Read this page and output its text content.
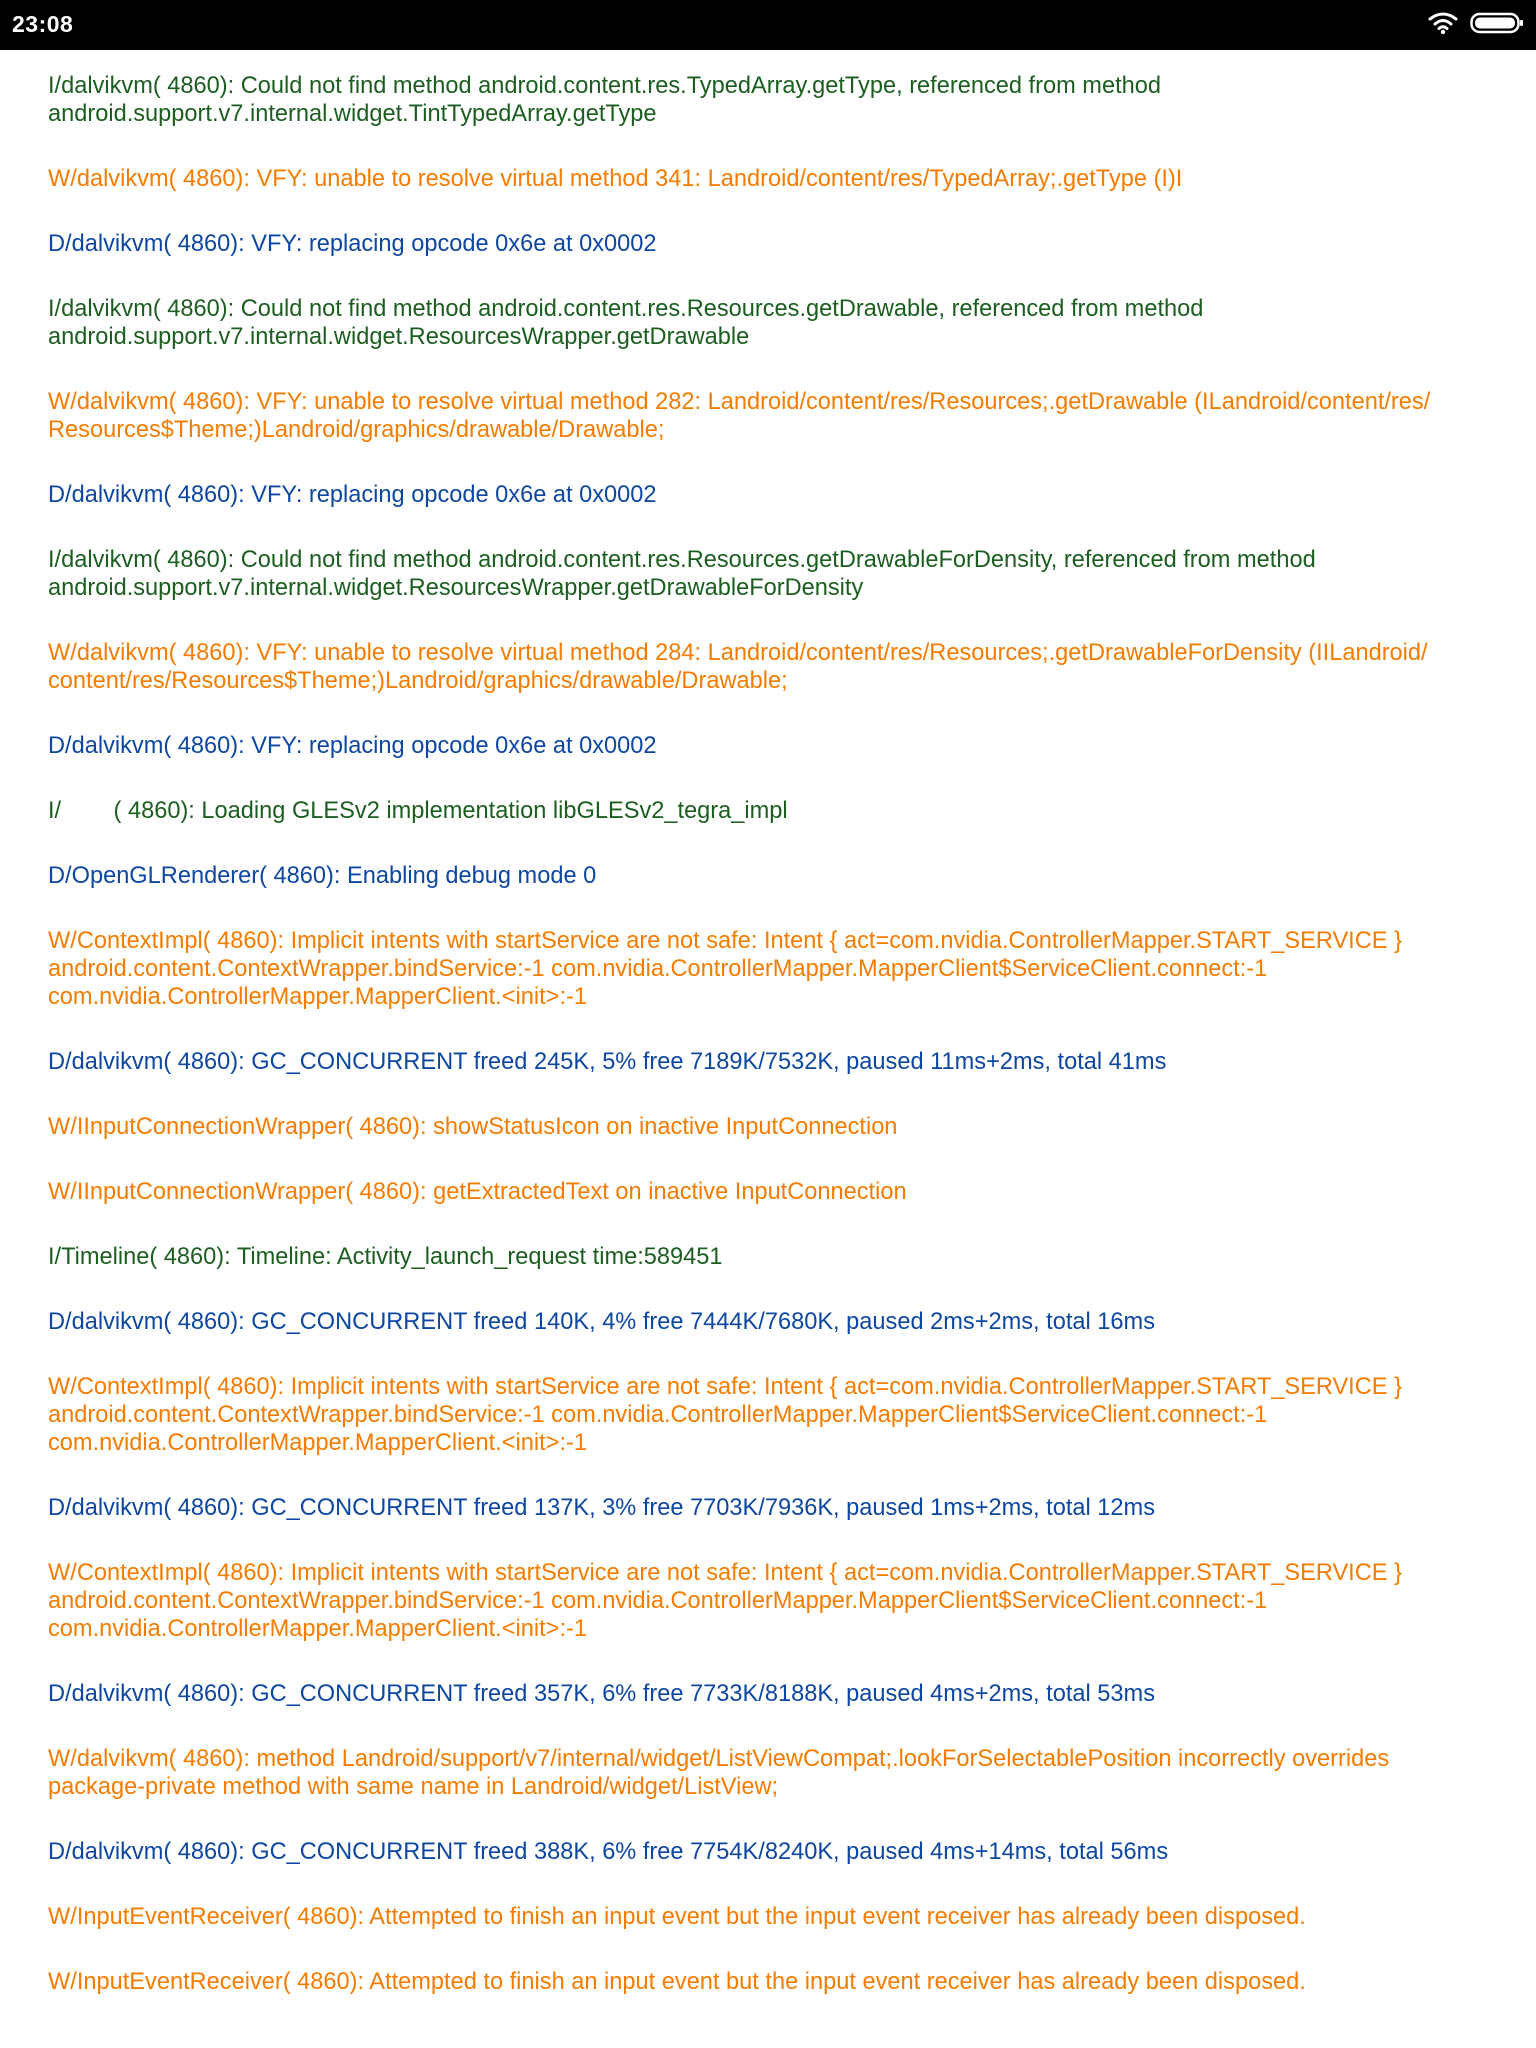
23:08
I/dalvikvm( 4860): Could not find method android.content.res.TypedArray.getType, referenced from method
android.support.v7.internal.widget.TintTypedArray.getType
W/dalvikvm( 4860): VFY: unable to resolve virtual method 341: Landroid/content/res/TypedArray;.getType (I)I
D/dalvikvm( 4860): VFY: replacing opcode 0x6e at 0x0002
I/dalvikvm( 4860): Could not find method android.content.res.Resources.getDrawable, referenced from method
android.support.v7.internal.widget.ResourcesWrapper.getDrawable
W/dalvikvm( 4860): VFY: unable to resolve virtual method 282: Landroid/content/res/Resources;.getDrawable (ILandroid/content/res/
Resources$Theme;)Landroid/graphics/drawable/Drawable;
D/dalvikvm( 4860): VFY: replacing opcode 0x6e at 0x0002
I/dalvikvm( 4860): Could not find method android.content.res.Resources.getDrawableForDensity, referenced from method
android.support.v7.internal.widget.ResourcesWrapper.getDrawableForDensity
W/dalvikvm( 4860): VFY: unable to resolve virtual method 284: Landroid/content/res/Resources;.getDrawableForDensity (IILandroid/
content/res/Resources$Theme;)Landroid/graphics/drawable/Drawable;
D/dalvikvm( 4860): VFY: replacing opcode 0x6e at 0x0002
I/        ( 4860): Loading GLESv2 implementation libGLESv2_tegra_impl
D/OpenGLRenderer( 4860): Enabling debug mode 0
W/ContextImpl( 4860): Implicit intents with startService are not safe: Intent { act=com.nvidia.ControllerMapper.START_SERVICE }
android.content.ContextWrapper.bindService:-1 com.nvidia.ControllerMapper.MapperClient$ServiceClient.connect:-1
com.nvidia.ControllerMapper.MapperClient.<init>:-1
D/dalvikvm( 4860): GC_CONCURRENT freed 245K, 5% free 7189K/7532K, paused 11ms+2ms, total 41ms
W/IInputConnectionWrapper( 4860): showStatusIcon on inactive InputConnection
W/IInputConnectionWrapper( 4860): getExtractedText on inactive InputConnection
I/Timeline( 4860): Timeline: Activity_launch_request time:589451
D/dalvikvm( 4860): GC_CONCURRENT freed 140K, 4% free 7444K/7680K, paused 2ms+2ms, total 16ms
W/ContextImpl( 4860): Implicit intents with startService are not safe: Intent { act=com.nvidia.ControllerMapper.START_SERVICE }
android.content.ContextWrapper.bindService:-1 com.nvidia.ControllerMapper.MapperClient$ServiceClient.connect:-1
com.nvidia.ControllerMapper.MapperClient.<init>:-1
D/dalvikvm( 4860): GC_CONCURRENT freed 137K, 3% free 7703K/7936K, paused 1ms+2ms, total 12ms
W/ContextImpl( 4860): Implicit intents with startService are not safe: Intent { act=com.nvidia.ControllerMapper.START_SERVICE }
android.content.ContextWrapper.bindService:-1 com.nvidia.ControllerMapper.MapperClient$ServiceClient.connect:-1
com.nvidia.ControllerMapper.MapperClient.<init>:-1
D/dalvikvm( 4860): GC_CONCURRENT freed 357K, 6% free 7733K/8188K, paused 4ms+2ms, total 53ms
W/dalvikvm( 4860): method Landroid/support/v7/internal/widget/ListViewCompat;.lookForSelectablePosition incorrectly overrides
package-private method with same name in Landroid/widget/ListView;
D/dalvikvm( 4860): GC_CONCURRENT freed 388K, 6% free 7754K/8240K, paused 4ms+14ms, total 56ms
W/InputEventReceiver( 4860): Attempted to finish an input event but the input event receiver has already been disposed.
W/InputEventReceiver( 4860): Attempted to finish an input event but the input event receiver has already been disposed.
